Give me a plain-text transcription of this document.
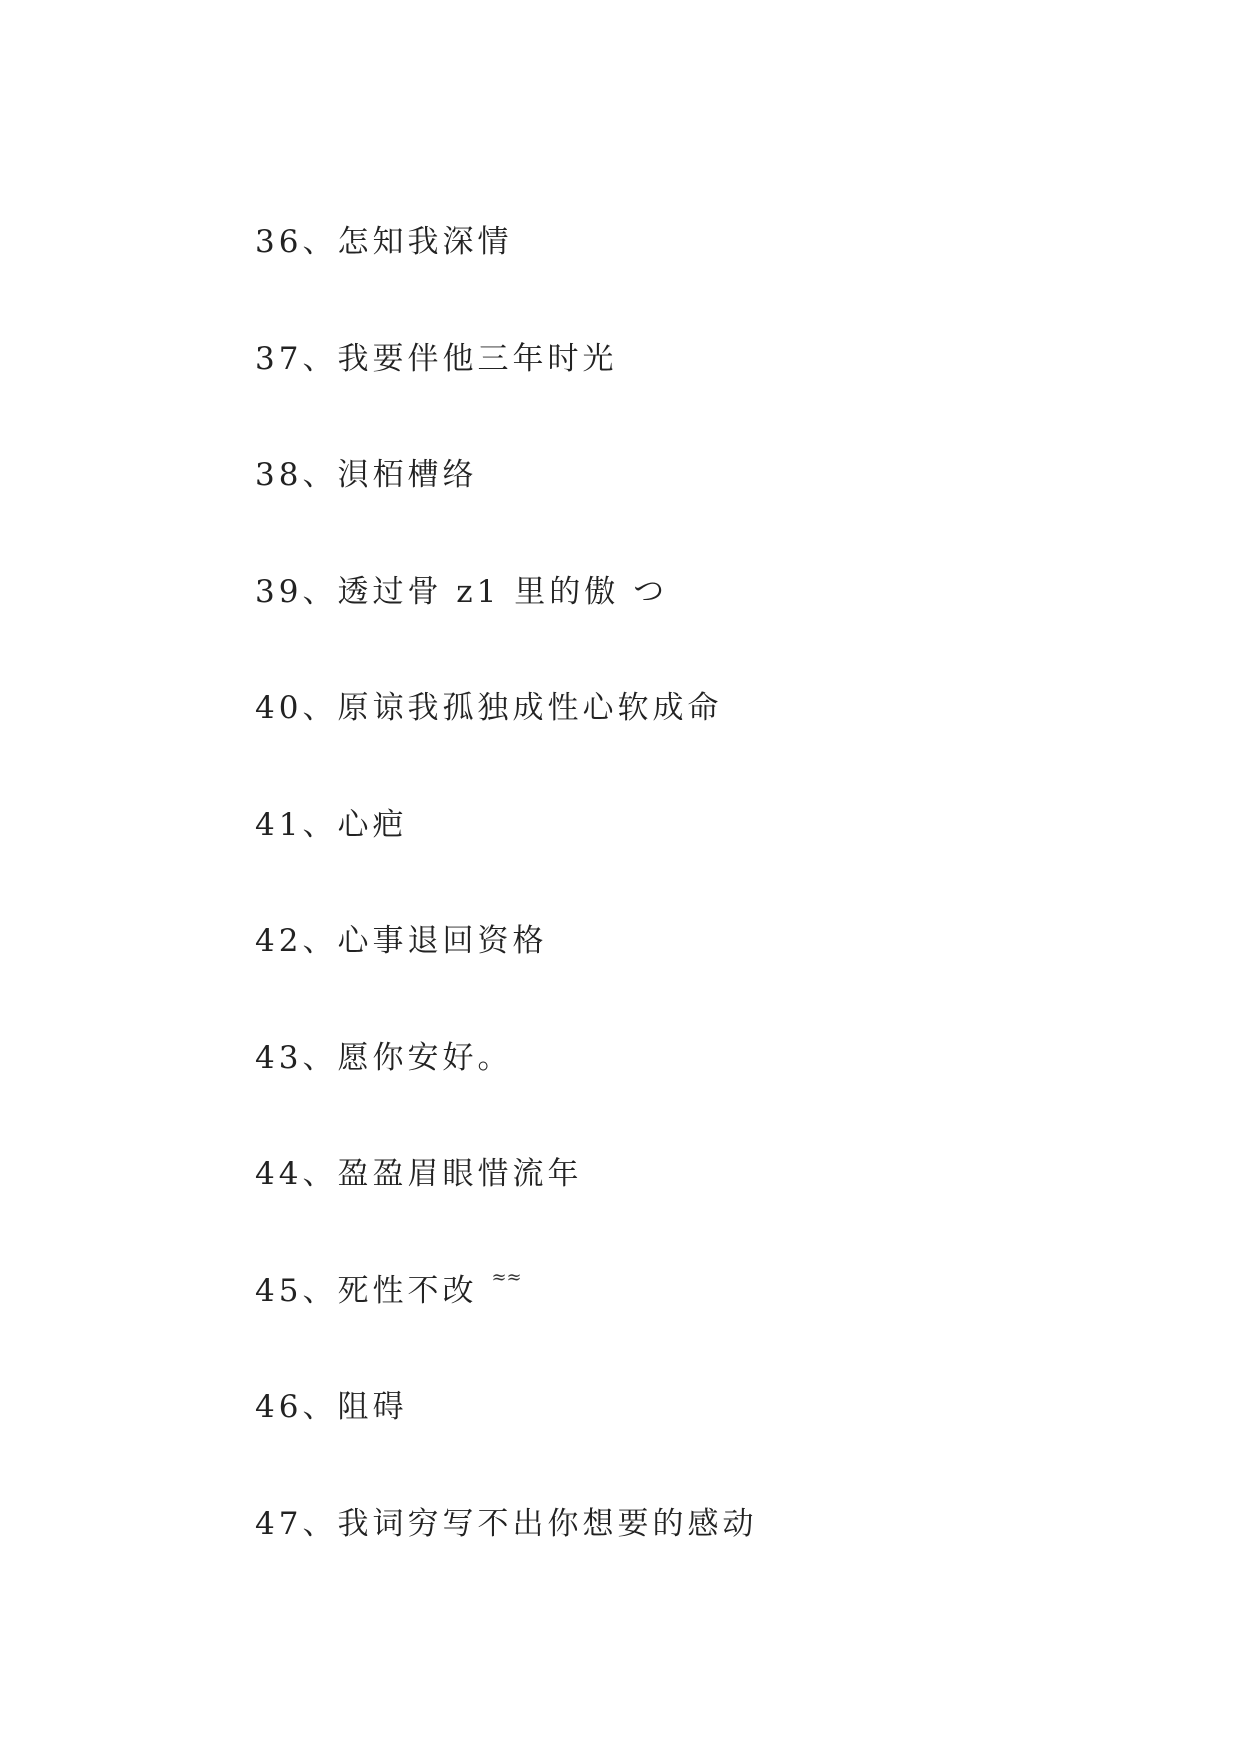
36、怎知我深情
37、我要伴他三年时光
38、浿栢槽络
39、透过骨 z1 里的傲 つ
40、原谅我孤独成性心软成命
41、心疤
42、心事退回资格
43、愿你安好。
44、盈盈眉眼惜流年
45、死性不改 ≈≈
46、阻碍
47、我词穷写不出你想要的感动
